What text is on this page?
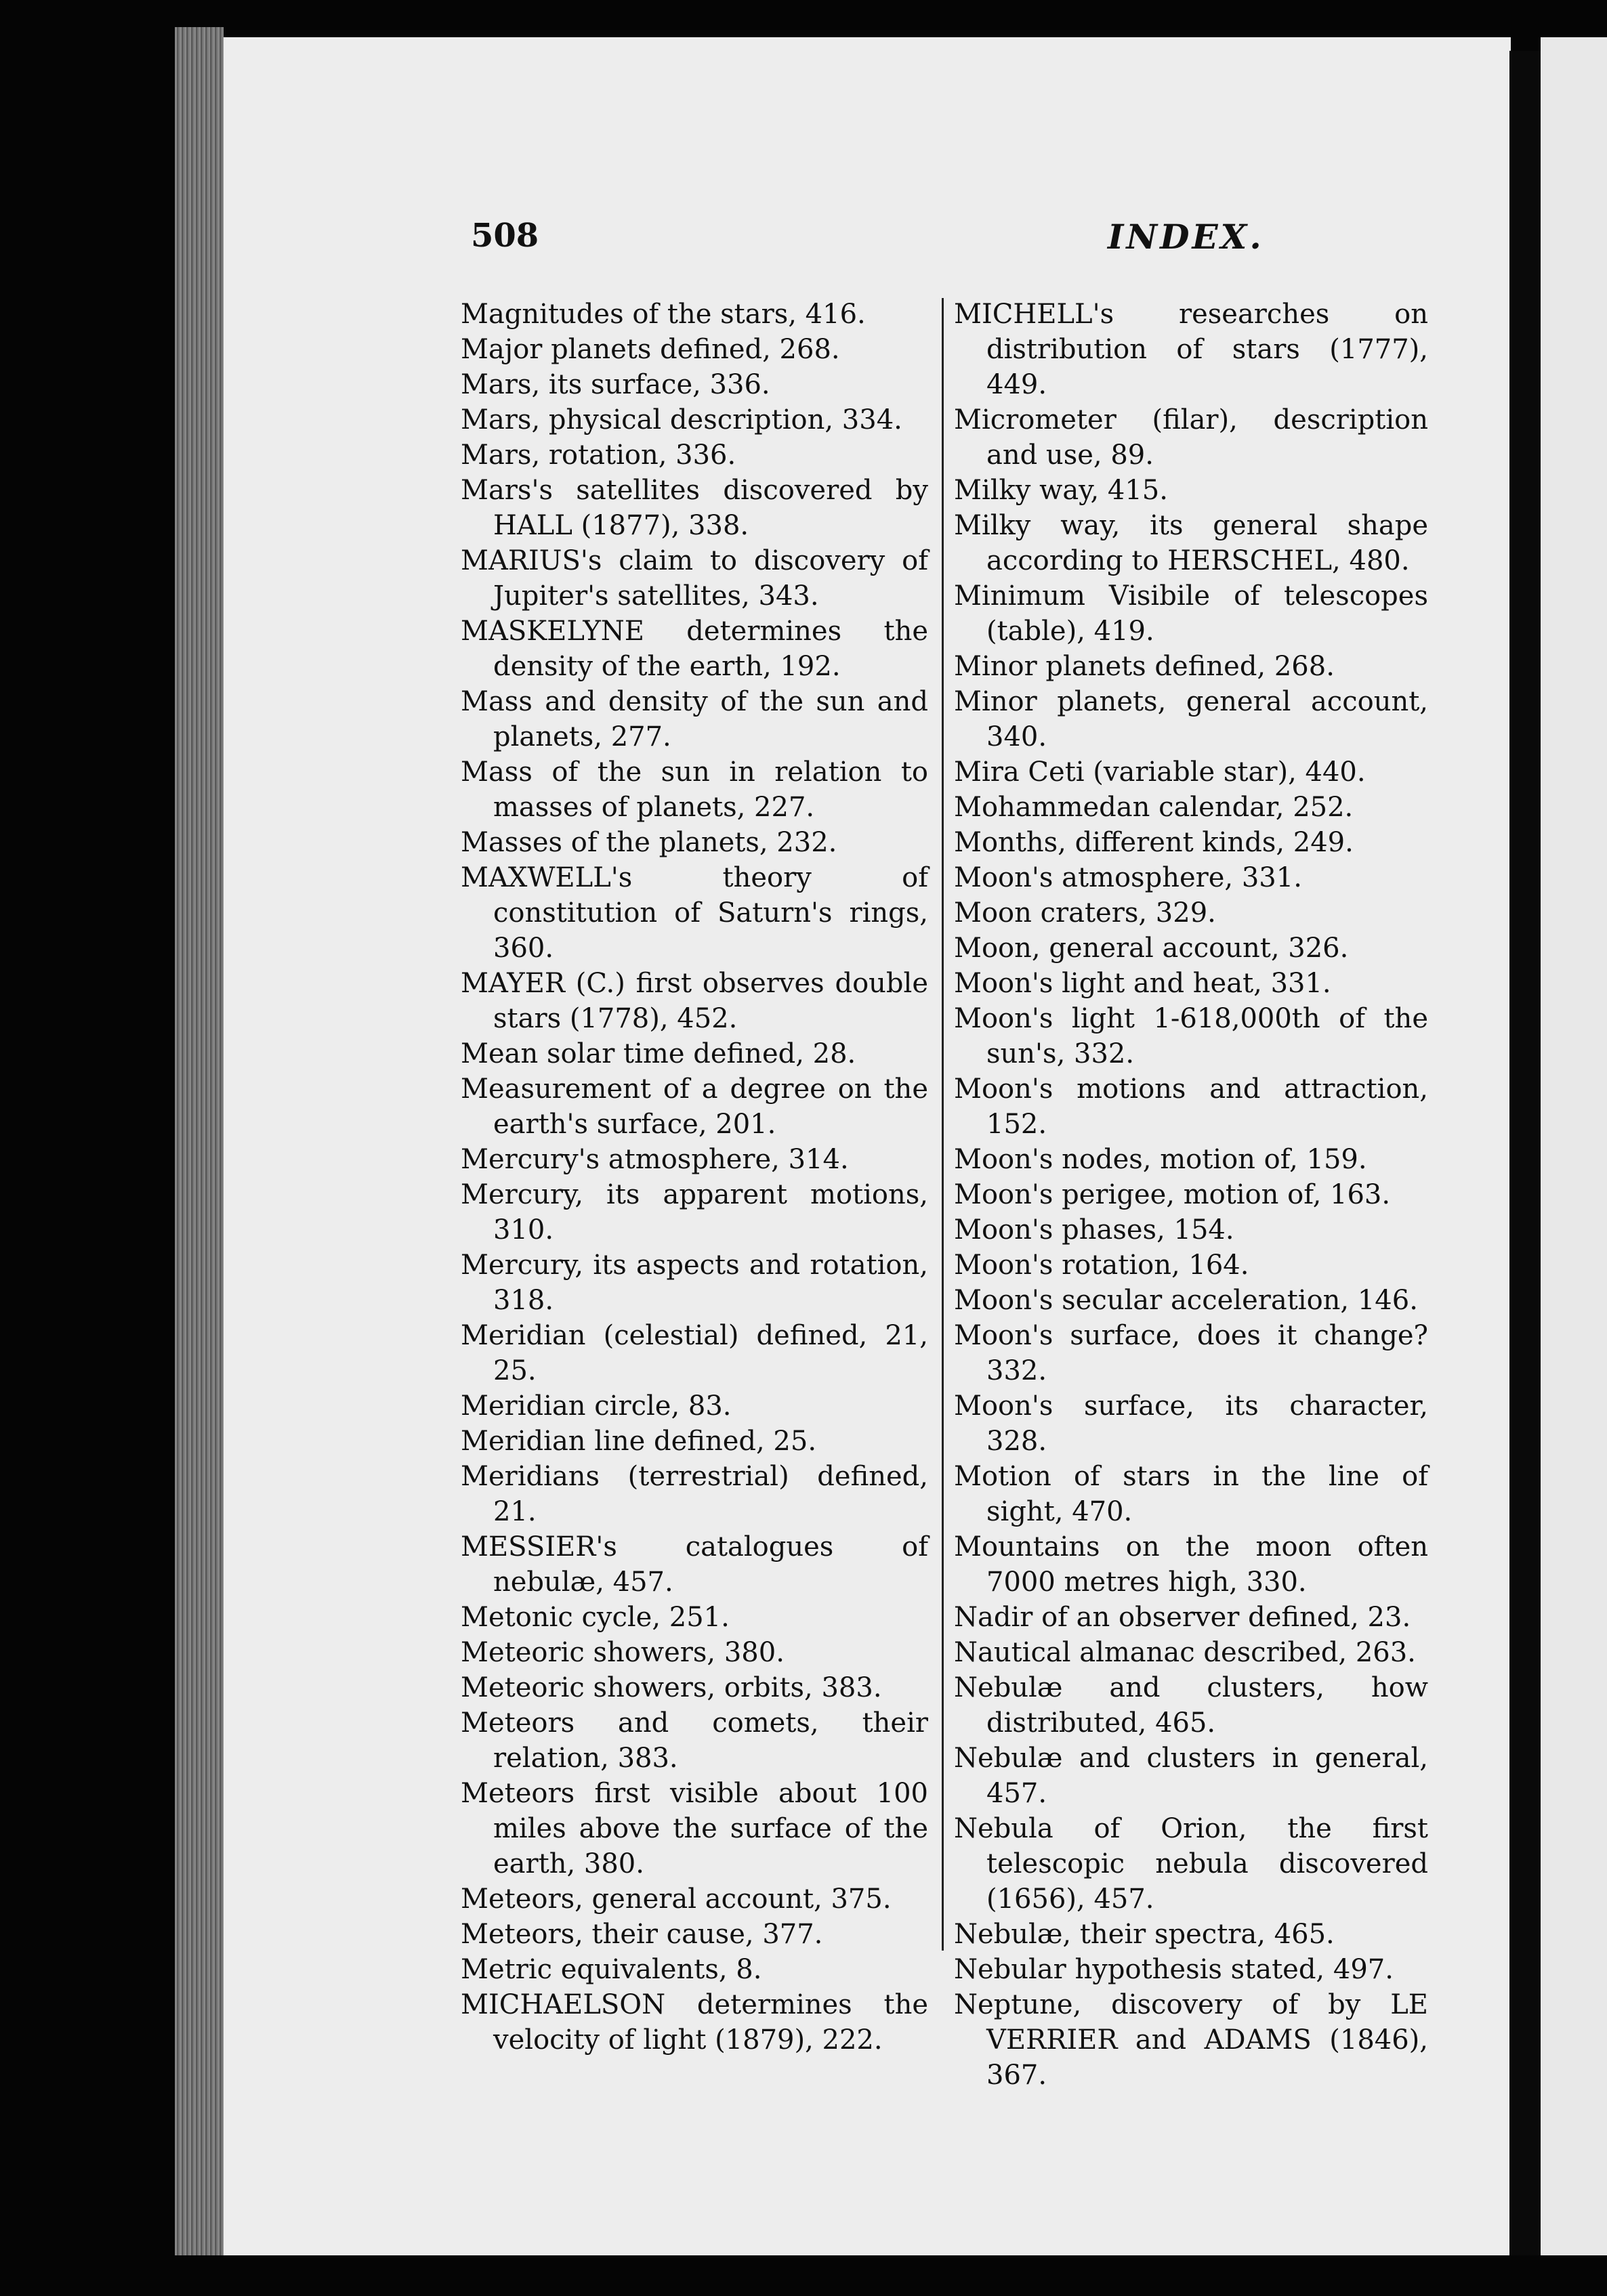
508	INDEX.
Magnitudes of the stars, 416.
Major planets defined, 268.
Mars, its surface, 336.
Mars, physical description, 334.
Mars, rotation, 336.
Mars's satellites discovered by HALL (1877), 338.
MARIUS's claim to discovery of Jupiter's satellites, 343.
MASKELYNE determines the density of the earth, 192.
Mass and density of the sun and planets, 277.
Mass of the sun in relation to masses of planets, 227.
Masses of the planets, 232.
MAXWELL's theory of constitution of Saturn's rings, 360.
MAYER (C.) first observes double stars (1778), 452.
Mean solar time defined, 28.
Measurement of a degree on the earth's surface, 201.
Mercury's atmosphere, 314.
Mercury, its apparent motions, 310.
Mercury, its aspects and rotation, 318.
Meridian (celestial) defined, 21, 25.
Meridian circle, 83.
Meridian line defined, 25.
Meridians (terrestrial) defined, 21.
MESSIER's catalogues of nebulæ, 457.
Metonic cycle, 251.
Meteoric showers, 380.
Meteoric showers, orbits, 383.
Meteors and comets, their relation, 383.
Meteors first visible about 100 miles above the surface of the earth, 380.
Meteors, general account, 375.
Meteors, their cause, 377.
Metric equivalents, 8.
MICHAELSON determines the velocity of light (1879), 222.
MICHELL's researches on distribution of stars (1777), 449.
Micrometer (filar), description and use, 89.
Milky way, 415.
Milky way, its general shape according to HERSCHEL, 480.
Minimum Visibile of telescopes (table), 419.
Minor planets defined, 268.
Minor planets, general account, 340.
Mira Ceti (variable star), 440.
Mohammedan calendar, 252.
Months, different kinds, 249.
Moon's atmosphere, 331.
Moon craters, 329.
Moon, general account, 326.
Moon's light and heat, 331.
Moon's light 1-618,000th of the sun's, 332.
Moon's motions and attraction, 152.
Moon's nodes, motion of, 159.
Moon's perigee, motion of, 163.
Moon's phases, 154.
Moon's rotation, 164.
Moon's secular acceleration, 146.
Moon's surface, does it change? 332.
Moon's surface, its character, 328.
Motion of stars in the line of sight, 470.
Mountains on the moon often 7000 metres high, 330.
Nadir of an observer defined, 23.
Nautical almanac described, 263.
Nebulæ and clusters, how distributed, 465.
Nebulæ and clusters in general, 457.
Nebula of Orion, the first telescopic nebula discovered (1656), 457.
Nebulæ, their spectra, 465.
Nebular hypothesis stated, 497.
Neptune, discovery of by LE VERRIER and ADAMS (1846), 367.
